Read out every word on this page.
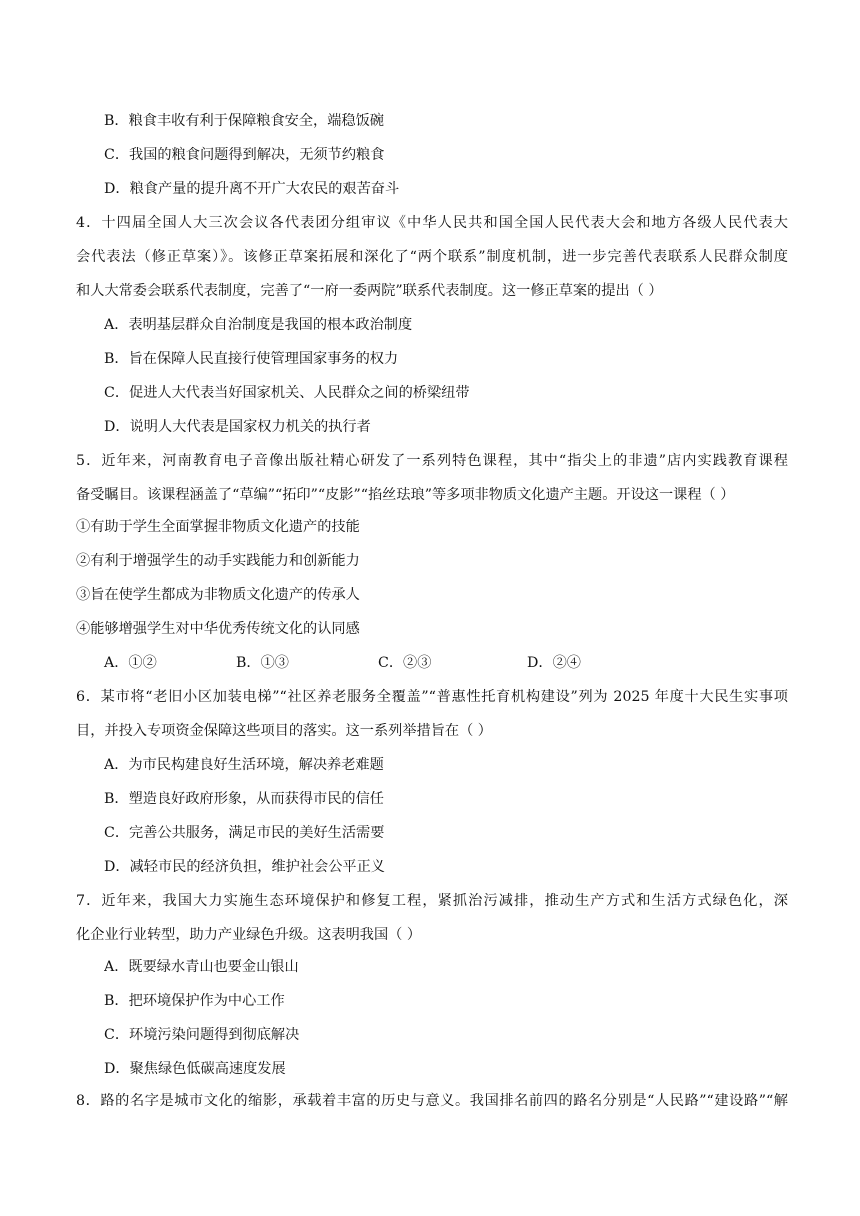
B．粮食丰收有利于保障粮食安全，端稳饭碗
C．我国的粮食问题得到解决，无须节约粮食
D．粮食产量的提升离不开广大农民的艰苦奋斗
4．十四届全国人大三次会议各代表团分组审议《中华人民共和国全国人民代表大会和地方各级人民代表大
会代表法（修正草案）》。该修正草案拓展和深化了“两个联系”制度机制，进一步完善代表联系人民群众制度
和人大常委会联系代表制度，完善了“一府一委两院”联系代表制度。这一修正草案的提出（ ）
A．表明基层群众自治制度是我国的根本政治制度
B．旨在保障人民直接行使管理国家事务的权力
C．促进人大代表当好国家机关、人民群众之间的桥梁纽带
D．说明人大代表是国家权力机关的执行者
5．近年来，河南教育电子音像出版社精心研发了一系列特色课程，其中“指尖上的非遗”店内实践教育课程
备受瞩目。该课程涵盖了“草编”“拓印”“皮影”“掐丝珐琅”等多项非物质文化遗产主题。开设这一课程（ ）
①有助于学生全面掌握非物质文化遗产的技能
②有利于增强学生的动手实践能力和创新能力
③旨在使学生都成为非物质文化遗产的传承人
④能够增强学生对中华优秀传统文化的认同感
A．①②	B．①③	C．②③	D．②④
6．某市将“老旧小区加装电梯”“社区养老服务全覆盖”“普惠性托育机构建设”列为 2025 年度十大民生实事项
目，并投入专项资金保障这些项目的落实。这一系列举措旨在（ ）
A．为市民构建良好生活环境，解决养老难题
B．塑造良好政府形象，从而获得市民的信任
C．完善公共服务，满足市民的美好生活需要
D．减轻市民的经济负担，维护社会公平正义
7．近年来，我国大力实施生态环境保护和修复工程，紧抓治污减排，推动生产方式和生活方式绿色化，深
化企业行业转型，助力产业绿色升级。这表明我国（ ）
A．既要绿水青山也要金山银山
B．把环境保护作为中心工作
C．环境污染问题得到彻底解决
D．聚焦绿色低碳高速度发展
8．路的名字是城市文化的缩影，承载着丰富的历史与意义。我国排名前四的路名分别是“人民路”“建设路”“解
